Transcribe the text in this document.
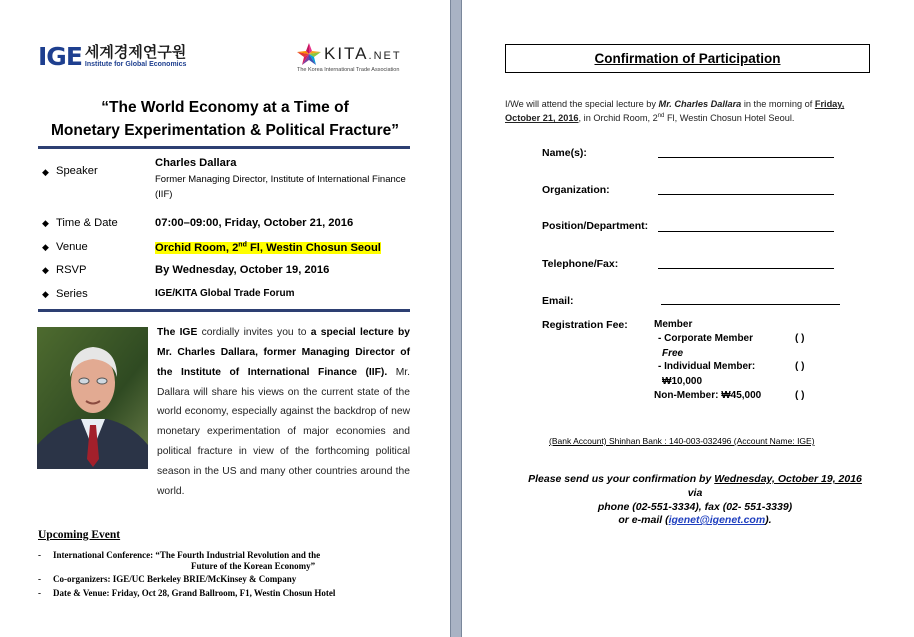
IGE 세계경제연구원
Institute for Global Economics
KITA.NET
The Korea International Trade Association
“The World Economy at a Time of
Monetary Experimentation & Political Fracture”
◆ Speaker
Charles Dallara
Former Managing Director, Institute of International Finance (IIF)
◆ Time & Date	07:00–09:00, Friday, October 21, 2016
◆ Venue	Orchid Room, 2nd Fl, Westin Chosun Seoul
◆ RSVP	By Wednesday, October 19, 2016
◆ Series	IGE/KITA Global Trade Forum
The IGE cordially invites you to a special lecture by Mr. Charles Dallara, former Managing Director of the Institute of International Finance (IIF). Mr. Dallara will share his views on the current state of the world economy, especially against the backdrop of new monetary experimentation of major economies and political fracture in view of the forthcoming political season in the US and many other countries around the world.
Upcoming Event
- International Conference: “The Fourth Industrial Revolution and the
Future of the Korean Economy”
- Co-organizers: IGE/UC Berkeley BRIE/McKinsey & Company
- Date & Venue: Friday, Oct 28, Grand Ballroom, F1, Westin Chosun Hotel
Confirmation of Participation
I/We will attend the special lecture by Mr. Charles Dallara in the morning of Friday,
October 21, 2016, in Orchid Room, 2nd Fl, Westin Chosun Hotel Seoul.
Name(s):
Organization:
Position/Department:
Telephone/Fax:
Email:
Registration Fee:	Member
- Corporate Member	( )
Free
- Individual Member:	( )
₩10,000
Non-Member: ₩45,000	( )
(Bank Account) Shinhan Bank : 140-003-032496 (Account Name: IGE)
Please send us your confirmation by Wednesday, October 19, 2016
via
phone (02-551-3334), fax (02- 551-3339)
or e-mail (igenet@igenet.com).
